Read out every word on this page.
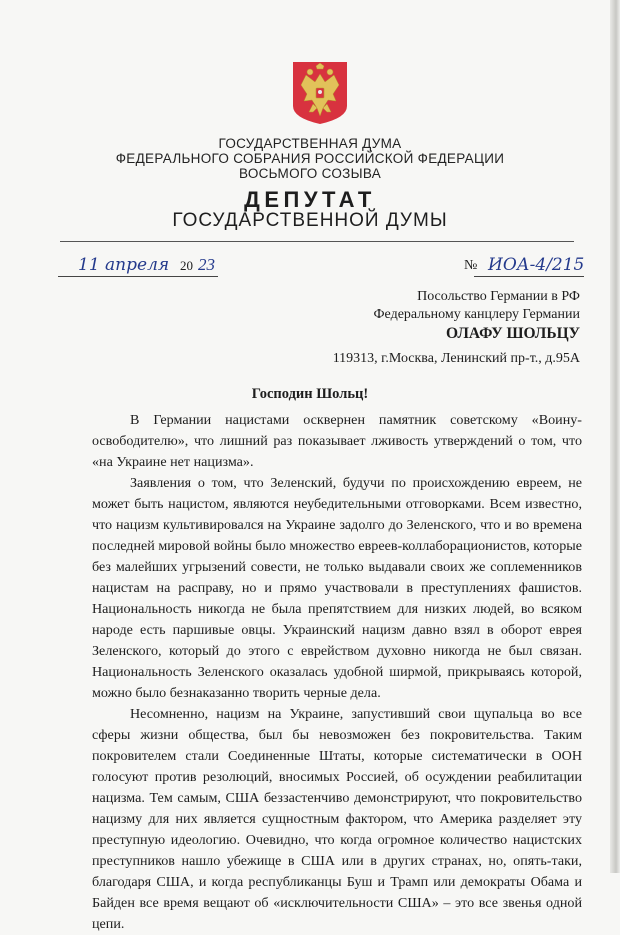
ГОСУДАРСТВЕННАЯ ДУМА
ФЕДЕРАЛЬНОГО СОБРАНИЯ РОССИЙСКОЙ ФЕДЕРАЦИИ
ВОСЬМОГО СОЗЫВА
ДЕПУТАТ
ГОСУДАРСТВЕННОЙ ДУМЫ
11 апреля 20 23	№ ИОА-4/215
Посольство Германии в РФ
Федеральному канцлеру Германии
ОЛАФУ ШОЛЬЦУ
119313, г.Москва, Ленинский пр-т., д.95А
Господин Шольц!

В Германии нацистами осквернен памятник советскому «Воину-освободителю», что лишний раз показывает лживость утверждений о том, что «на Украине нет нацизма».

Заявления о том, что Зеленский, будучи по происхождению евреем, не может быть нацистом, являются неубедительными отговорками. Всем известно, что нацизм культивировался на Украине задолго до Зеленского, что и во времена последней мировой войны было множество евреев-коллаборационистов, которые без малейших угрызений совести, не только выдавали своих же соплеменников нацистам на расправу, но и прямо участвовали в преступлениях фашистов. Национальность никогда не была препятствием для низких людей, во всяком народе есть паршивые овцы. Украинский нацизм давно взял в оборот еврея Зеленского, который до этого с еврейством духовно никогда не был связан. Национальность Зеленского оказалась удобной ширмой, прикрываясь которой, можно было безнаказанно творить черные дела.

Несомненно, нацизм на Украине, запустивший свои щупальца во все сферы жизни общества, был бы невозможен без покровительства. Таким покровителем стали Соединенные Штаты, которые систематически в ООН голосуют против резолюций, вносимых Россией, об осуждении реабилитации нацизма. Тем самым, США беззастенчиво демонстрируют, что покровительство нацизму для них является сущностным фактором, что Америка разделяет эту преступную идеологию. Очевидно, что когда огромное количество нацистских преступников нашло убежище в США или в других странах, но, опять-таки, благодаря США, и когда республиканцы Буш и Трамп или демократы Обама и Байден все время вещают об «исключительности США» – это все звенья одной цепи.
